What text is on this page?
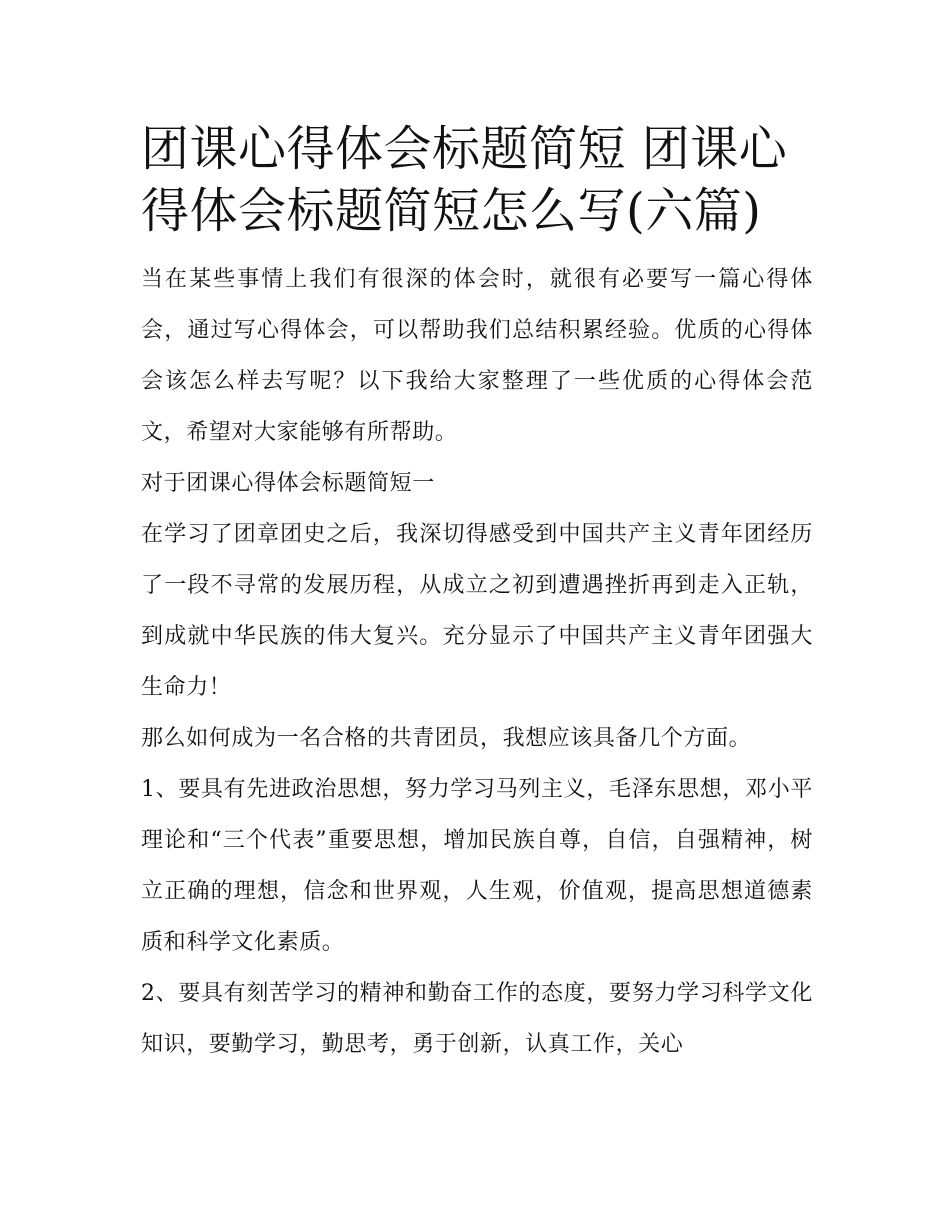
团课心得体会标题简短 团课心得体会标题简短怎么写(六篇)

当在某些事情上我们有很深的体会时，就很有必要写一篇心得体会，通过写心得体会，可以帮助我们总结积累经验。优质的心得体会该怎么样去写呢？以下我给大家整理了一些优质的心得体会范文，希望对大家能够有所帮助。

对于团课心得体会标题简短一

在学习了团章团史之后，我深切得感受到中国共产主义青年团经历了一段不寻常的发展历程，从成立之初到遭遇挫折再到走入正轨，到成就中华民族的伟大复兴。充分显示了中国共产主义青年团强大生命力！

那么如何成为一名合格的共青团员，我想应该具备几个方面。

1、要具有先进政治思想，努力学习马列主义，毛泽东思想，邓小平理论和“三个代表”重要思想，增加民族自尊，自信，自强精神，树立正确的理想，信念和世界观，人生观，价值观，提高思想道德素质和科学文化素质。

2、要具有刻苦学习的精神和勤奋工作的态度，要努力学习科学文化知识，要勤学习，勤思考，勇于创新，认真工作，关心
